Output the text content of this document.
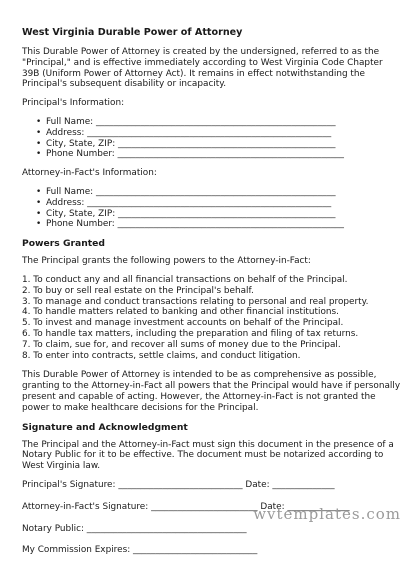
West Virginia Durable Power of Attorney

This Durable Power of Attorney is created by the undersigned, referred to as the "Principal," and is effective immediately according to West Virginia Code Chapter 39B (Uniform Power of Attorney Act). It remains in effect notwithstanding the Principal's subsequent disability or incapacity.

Principal's Information:

• Full Name: ______________________________________________________
• Address: _______________________________________________________
• City, State, ZIP: _________________________________________________
• Phone Number: ___________________________________________________

Attorney-in-Fact's Information:

• Full Name: ______________________________________________________
• Address: _______________________________________________________
• City, State, ZIP: _________________________________________________
• Phone Number: ___________________________________________________
Powers Granted

The Principal grants the following powers to the Attorney-in-Fact:

1. To conduct any and all financial transactions on behalf of the Principal.
2. To buy or sell real estate on the Principal's behalf.
3. To manage and conduct transactions relating to personal and real property.
4. To handle matters related to banking and other financial institutions.
5. To invest and manage investment accounts on behalf of the Principal.
6. To handle tax matters, including the preparation and filing of tax returns.
7. To claim, sue for, and recover all sums of money due to the Principal.
8. To enter into contracts, settle claims, and conduct litigation.

This Durable Power of Attorney is intended to be as comprehensive as possible, granting to the Attorney-in-Fact all powers that the Principal would have if personally present and capable of acting. However, the Attorney-in-Fact is not granted the power to make healthcare decisions for the Principal.

Signature and Acknowledgment

The Principal and the Attorney-in-Fact must sign this document in the presence of a Notary Public for it to be effective. The document must be notarized according to West Virginia law.

Principal's Signature: ____________________________ Date: ______________
Attorney-in-Fact's Signature: ________________________ Date: ______________
Notary Public: ____________________________________
My Commission Expires: ____________________________
wvtemplates.com
